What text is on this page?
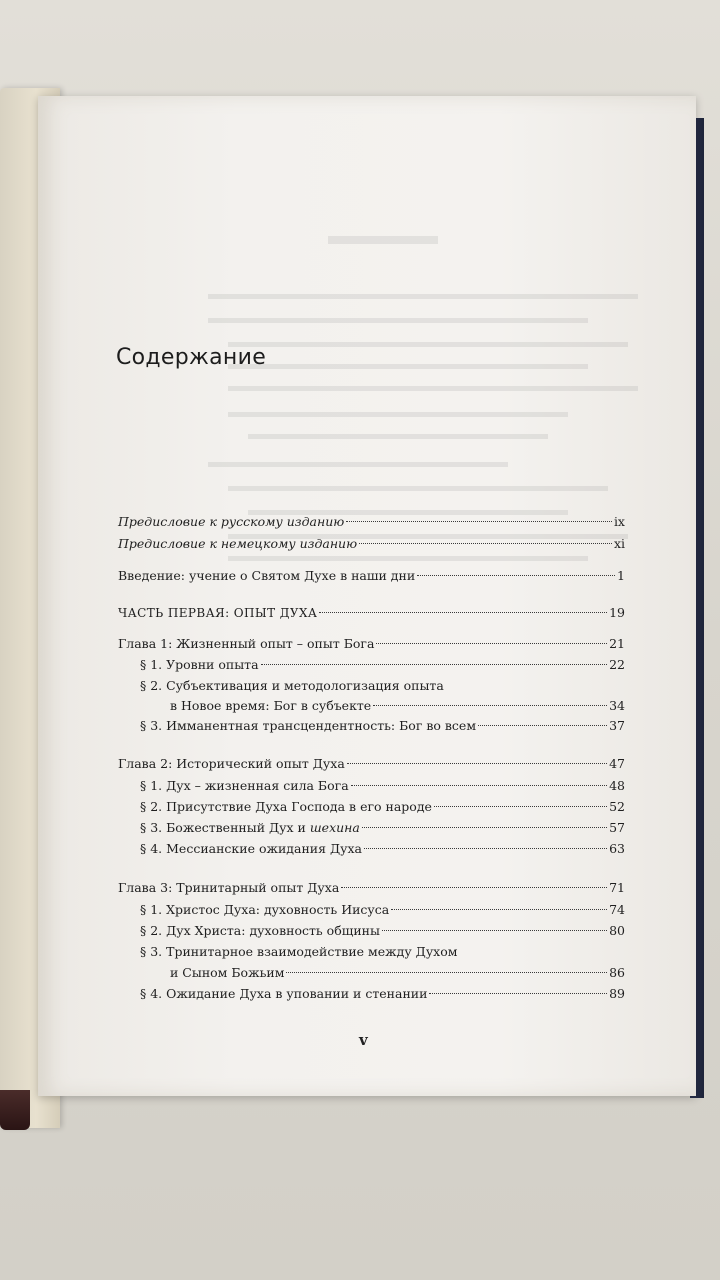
Содержание
Предисловие к русскому изданию	ix
Предисловие к немецкому изданию	xi
Введение: учение о Святом Духе в наши дни	1
ЧАСТЬ ПЕРВАЯ: ОПЫТ ДУХА	19
Глава 1: Жизненный опыт – опыт Бога	21
§ 1. Уровни опыта	22
§ 2. Субъективация и методологизация опыта
в Новое время: Бог в субъекте	34
§ 3. Имманентная трансцендентность: Бог во всем	37
Глава 2: Исторический опыт Духа	47
§ 1. Дух – жизненная сила Бога	48
§ 2. Присутствие Духа Господа в его народе	52
§ 3. Божественный Дух и шехина	57
§ 4. Мессианские ожидания Духа	63
Глава 3: Тринитарный опыт Духа	71
§ 1. Христос Духа: духовность Иисуса	74
§ 2. Дух Христа: духовность общины	80
§ 3. Тринитарное взаимодействие между Духом
и Сыном Божьим	86
§ 4. Ожидание Духа в уповании и стенании	89
v
